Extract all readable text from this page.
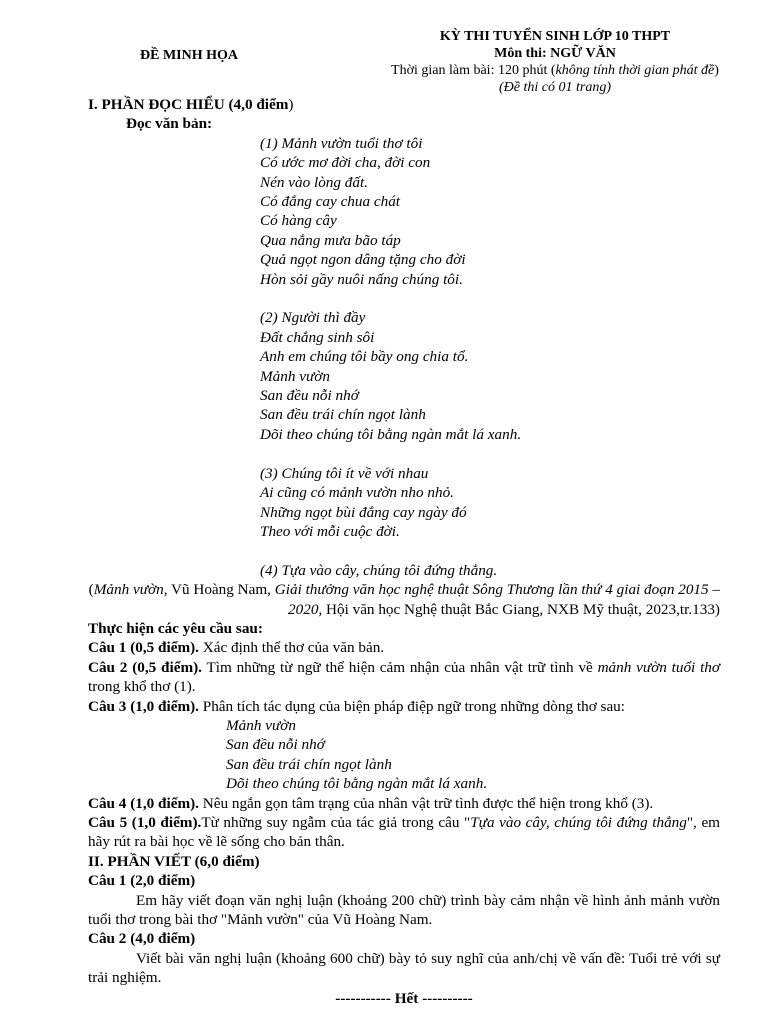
ĐỀ MINH HỌA
KỲ THI TUYỂN SINH LỚP 10 THPT
Môn thi: NGỮ VĂN
Thời gian làm bài: 120 phút (không tính thời gian phát đề)
(Đề thi có 01 trang)

I. PHẦN ĐỌC HIỂU (4,0 điểm)

Đọc văn bản:

(1) Mảnh vườn tuổi thơ tôi
Có ước mơ đời cha, đời con
Nén vào lòng đất.
Có đắng cay chua chát
Có hàng cây
Qua nắng mưa bão táp
Quả ngọt ngon dâng tặng cho đời
Hòn sỏi gầy nuôi nấng chúng tôi.
(2) Người thì đầy
Đất chẳng sinh sôi
Anh em chúng tôi bầy ong chia tổ.
Mảnh vườn
San đều nỗi nhớ
San đều trái chín ngọt lành
Dõi theo chúng tôi bằng ngàn mắt lá xanh.
(3) Chúng tôi ít về với nhau
Ai cũng có mảnh vườn nho nhỏ.
Những ngọt bùi đắng cay ngày đó
Theo với mỗi cuộc đời.
(4) Tựa vào cây, chúng tôi đứng thẳng.

(Mảnh vườn, Vũ Hoàng Nam, Giải thưởng văn học nghệ thuật Sông Thương lần thứ 4 giai đoạn 2015 – 2020, Hội văn học Nghệ thuật Bắc Giang, NXB Mỹ thuật, 2023,tr.133)

Thực hiện các yêu cầu sau:

Câu 1 (0,5 điểm). Xác định thể thơ của văn bản.

Câu 2 (0,5 điểm). Tìm những từ ngữ thể hiện cảm nhận của nhân vật trữ tình về mảnh vườn tuổi thơ trong khổ thơ (1).

Câu 3 (1,0 điểm). Phân tích tác dụng của biện pháp điệp ngữ trong những dòng thơ sau:

Mảnh vườn
San đều nỗi nhớ
San đều trái chín ngọt lành
Dõi theo chúng tôi bằng ngàn mắt lá xanh.

Câu 4 (1,0 điểm). Nêu ngắn gọn tâm trạng của nhân vật trữ tình được thể hiện trong khổ (3).

Câu 5 (1,0 điểm).Từ những suy ngẫm của tác giả trong câu "Tựa vào cây, chúng tôi đứng thẳng", em hãy rút ra bài học về lẽ sống cho bản thân.

II. PHẦN VIẾT (6,0 điểm)

Câu 1 (2,0 điểm)

Em hãy viết đoạn văn nghị luận (khoảng 200 chữ) trình bày cảm nhận về hình ảnh mảnh vườn tuổi thơ trong bài thơ "Mảnh vườn" của Vũ Hoàng Nam.

Câu 2 (4,0 điểm)

Viết bài văn nghị luận (khoảng 600 chữ) bày tỏ suy nghĩ của anh/chị về vấn đề: Tuổi trẻ với sự trải nghiệm.

----------- Hết ----------
